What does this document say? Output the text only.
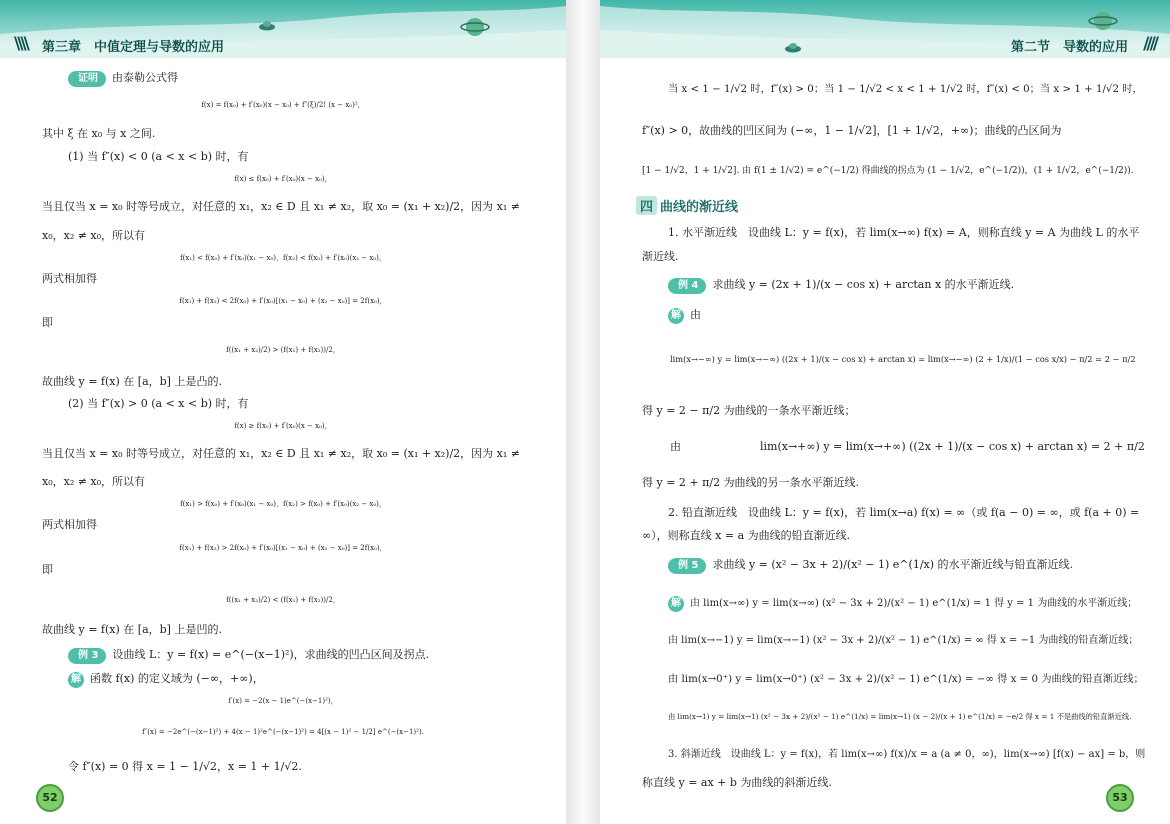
\\\\ 第三章　中值定理与导数的应用
证明 由泰勒公式得
f(x) = f(x₀) + f′(x₀)(x − x₀) + f″(ξ)/2! (x − x₀)²，
其中 ξ 在 x₀ 与 x 之间.
(1) 当 f″(x) < 0 (a < x < b) 时，有
f(x) ≤ f(x₀) + f′(x₀)(x − x₀)，
当且仅当 x = x₀ 时等号成立，对任意的 x₁，x₂ ∈ D 且 x₁ ≠ x₂，取 x₀ = (x₁ + x₂)/2，因为 x₁ ≠
x₀，x₂ ≠ x₀，所以有
f(x₁) < f(x₀) + f′(x₀)(x₁ − x₀)，f(x₂) < f(x₀) + f′(x₀)(x₂ − x₀)，
两式相加得
f(x₁) + f(x₂) < 2f(x₀) + f′(x₀)[(x₁ − x₀) + (x₂ − x₀)] = 2f(x₀)，
即
f((x₁ + x₂)/2) > (f(x₁) + f(x₂))/2，
故曲线 y = f(x) 在 [a，b] 上是凸的.
(2) 当 f″(x) > 0 (a < x < b) 时，有
f(x) ≥ f(x₀) + f′(x₀)(x − x₀)，
当且仅当 x = x₀ 时等号成立，对任意的 x₁，x₂ ∈ D 且 x₁ ≠ x₂，取 x₀ = (x₁ + x₂)/2，因为 x₁ ≠
x₀，x₂ ≠ x₀，所以有
f(x₁) > f(x₀) + f′(x₀)(x₁ − x₀)，f(x₂) > f(x₀) + f′(x₀)(x₂ − x₀)，
两式相加得
f(x₁) + f(x₂) > 2f(x₀) + f′(x₀)[(x₁ − x₀) + (x₂ − x₀)] = 2f(x₀)，
即
f((x₁ + x₂)/2) < (f(x₁) + f(x₂))/2，
故曲线 y = f(x) 在 [a，b] 上是凹的.
例 3 设曲线 L：y = f(x) = e^(−(x−1)²)，求曲线的凹凸区间及拐点.
解 函数 f(x) 的定义域为 (−∞，+∞)，
f′(x) = −2(x − 1)e^(−(x−1)²)，
f″(x) = −2e^(−(x−1)²) + 4(x − 1)²e^(−(x−1)²) = 4[(x − 1)² − 1/2] e^(−(x−1)²).
令 f″(x) = 0 得 x = 1 − 1/√2，x = 1 + 1/√2.
52
////
第二节　导数的应用
当 x < 1 − 1/√2 时，f″(x) > 0；当 1 − 1/√2 < x < 1 + 1/√2 时，f″(x) < 0；当 x > 1 + 1/√2 时，
f″(x) > 0，故曲线的凹区间为 (−∞，1 − 1/√2]，[1 + 1/√2，+∞)；曲线的凸区间为
[1 − 1/√2，1 + 1/√2]. 由 f(1 ± 1/√2) = e^(−1/2) 得曲线的拐点为 (1 − 1/√2，e^(−1/2))，(1 + 1/√2，e^(−1/2)).
四 曲线的渐近线
1. 水平渐近线　设曲线 L：y = f(x)，若 lim(x→∞) f(x) = A，则称直线 y = A 为曲线 L 的水平
渐近线.
例 4 求曲线 y = (2x + 1)/(x − cos x) + arctan x 的水平渐近线.
解 由
lim(x→−∞) y = lim(x→−∞) ((2x + 1)/(x − cos x) + arctan x) = lim(x→−∞) (2 + 1/x)/(1 − cos x/x) − π/2 = 2 − π/2
得 y = 2 − π/2 为曲线的一条水平渐近线；
由	lim(x→+∞) y = lim(x→+∞) ((2x + 1)/(x − cos x) + arctan x) = 2 + π/2
得 y = 2 + π/2 为曲线的另一条水平渐近线.
2. 铅直渐近线　设曲线 L：y = f(x)，若 lim(x→a) f(x) = ∞（或 f(a − 0) = ∞，或 f(a + 0) =
∞），则称直线 x = a 为曲线的铅直渐近线.
例 5 求曲线 y = (x² − 3x + 2)/(x² − 1) e^(1/x) 的水平渐近线与铅直渐近线.
解 由 lim(x→∞) y = lim(x→∞) (x² − 3x + 2)/(x² − 1) e^(1/x) = 1 得 y = 1 为曲线的水平渐近线；
由 lim(x→−1) y = lim(x→−1) (x² − 3x + 2)/(x² − 1) e^(1/x) = ∞ 得 x = −1 为曲线的铅直渐近线；
由 lim(x→0⁺) y = lim(x→0⁺) (x² − 3x + 2)/(x² − 1) e^(1/x) = −∞ 得 x = 0 为曲线的铅直渐近线；
由 lim(x→1) y = lim(x→1) (x² − 3x + 2)/(x² − 1) e^(1/x) = lim(x→1) (x − 2)/(x + 1) e^(1/x) = −e/2 得 x = 1 不是曲线的铅直渐近线.
3. 斜渐近线　设曲线 L：y = f(x)，若 lim(x→∞) f(x)/x = a (a ≠ 0，∞)，lim(x→∞) [f(x) − ax] = b，则
称直线 y = ax + b 为曲线的斜渐近线.
53
